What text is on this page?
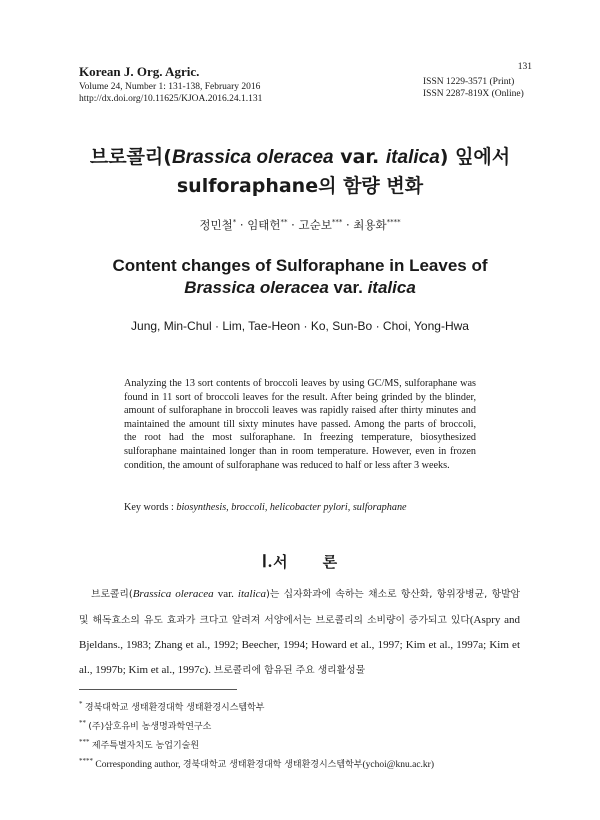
Korean J. Org. Agric.

Volume 24, Number 1: 131-138, February 2016

http://dx.doi.org/10.11625/KJOA.2016.24.1.131

131

ISSN 1229-3571 (Print)

ISSN 2287-819X (Online)

브로콜리(Brassica oleracea var. italica) 잎에서
sulforaphane의 함량 변화

정민철* · 임태헌** · 고순보*** · 최용화****

Content changes of Sulforaphane in Leaves of
Brassica oleracea var. italica

Jung, Min-Chul · Lim, Tae-Heon · Ko, Sun-Bo · Choi, Yong-Hwa

Analyzing the 13 sort contents of broccoli leaves by using GC/MS, sulforaphane was found in 11 sort of broccoli leaves for the result. After being grinded by the blinder, amount of sulforaphane in broccoli leaves was rapidly raised after thirty minutes and maintained the amount till sixty minutes have passed. Among the parts of broccoli, the root had the most sulforaphane. In freezing temperature, biosythesized sulforaphane maintained longer than in room temperature. However, even in frozen condition, the amount of sulforaphane was reduced to half or less after 3 weeks.

Key words : biosynthesis, broccoli, helicobacter pylori, sulforaphane

Ⅰ.서 론

브로콜리(Brassica oleracea var. italica)는 십자화과에 속하는 채소로 항산화, 항위장병균, 항발암 및 해독효소의 유도 효과가 크다고 알려져 서양에서는 브로콜리의 소비량이 증가되고 있다(Aspry and Bjeldans., 1983; Zhang et al., 1992; Beecher, 1994; Howard et al., 1997; Kim et al., 1997a; Kim et al., 1997b; Kim et al., 1997c). 브로콜리에 함유된 주요 생리활성물

* 경북대학교 생태환경대학 생태환경시스템학부
** (주)삼호유비 농생명과학연구소
*** 제주특별자치도 농업기술원
**** Corresponding author, 경북대학교 생태환경대학 생태환경시스템학부(ychoi@knu.ac.kr)
